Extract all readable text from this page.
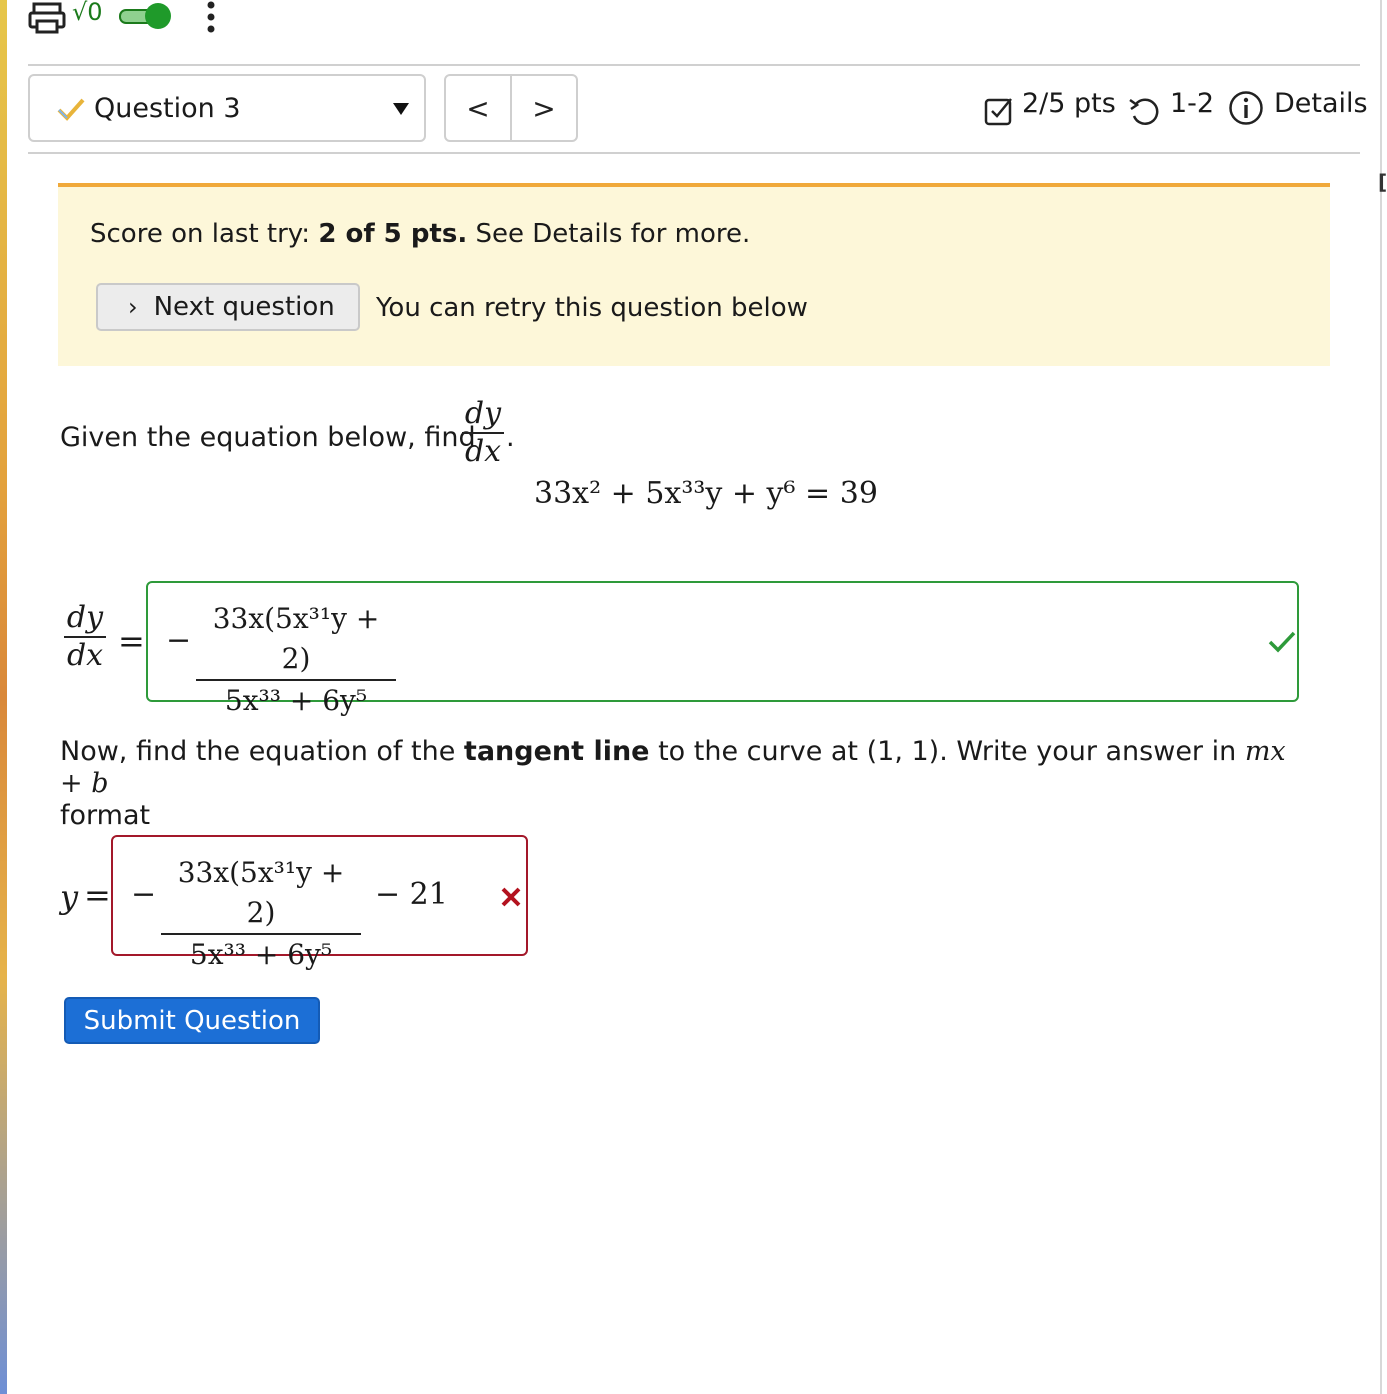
[
√0
Question 3	<	>	2/5 pts 1-2 Details
Score on last try: 2 of 5 pts. See Details for more.
› Next question You can retry this question below
Given the equation below, find
dy
dx .
33x² + 5x³³y + y⁶ = 39
dy
dx = −
33x(5x³¹y + 2)
5x³³ + 6y⁵
Now, find the equation of the tangent line to the curve at (1, 1). Write your answer in mx + b
format
y = −
33x(5x³¹y + 2)
5x³³ + 6y⁵
− 21
Submit Question
